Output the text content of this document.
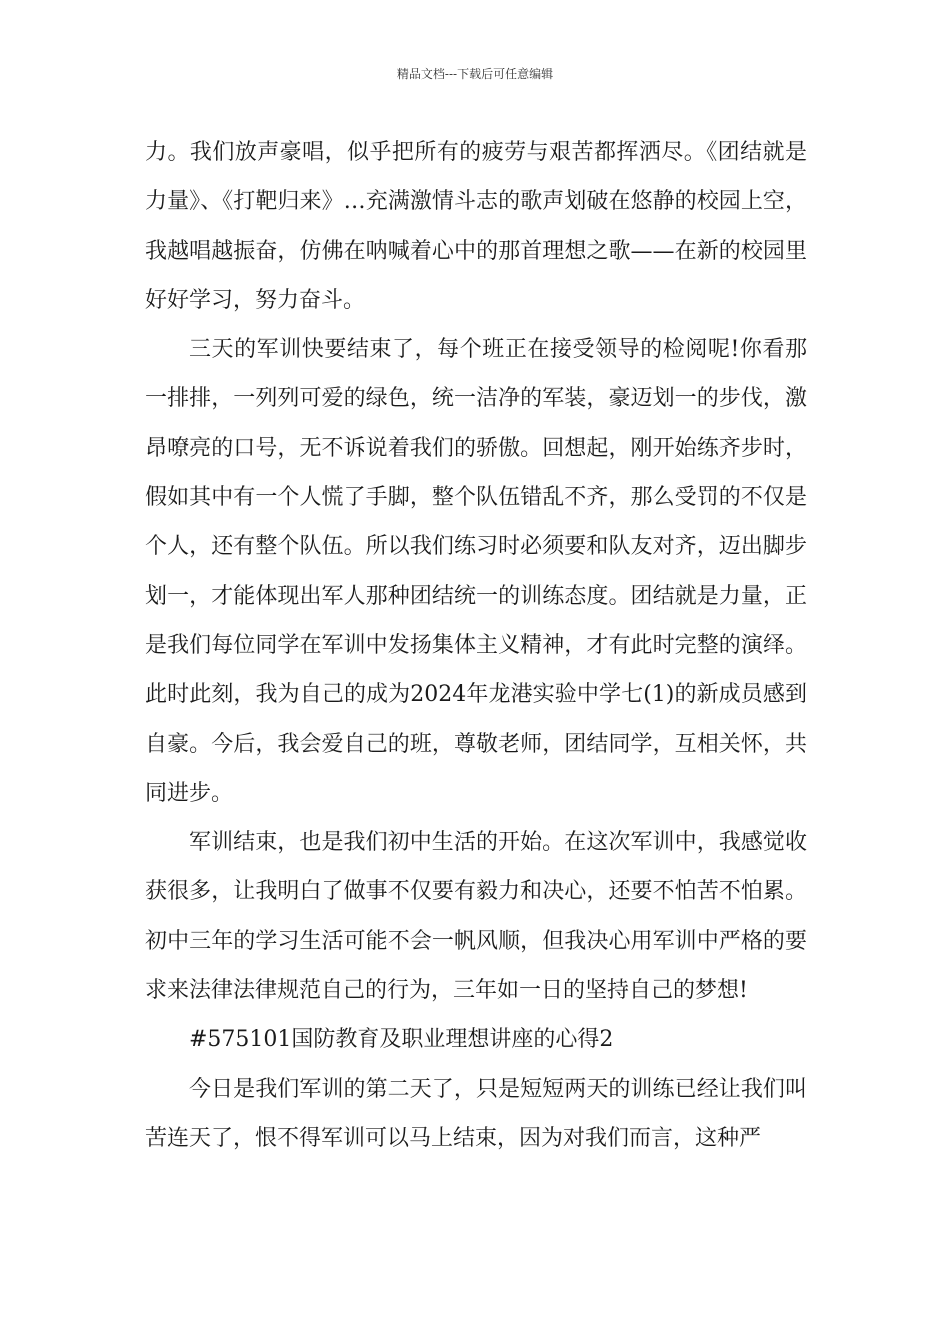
精品文档---下载后可任意编辑

力。我们放声豪唱，似乎把所有的疲劳与艰苦都挥洒尽。《团结就是力量》、《打靶归来》…充满激情斗志的歌声划破在悠静的校园上空，我越唱越振奋，仿佛在呐喊着心中的那首理想之歌——在新的校园里好好学习，努力奋斗。

三天的军训快要结束了，每个班正在接受领导的检阅呢!你看那一排排，一列列可爱的绿色，统一洁净的军装，豪迈划一的步伐，激昂嘹亮的口号，无不诉说着我们的骄傲。回想起，刚开始练齐步时，假如其中有一个人慌了手脚，整个队伍错乱不齐，那么受罚的不仅是个人，还有整个队伍。所以我们练习时必须要和队友对齐，迈出脚步划一，才能体现出军人那种团结统一的训练态度。团结就是力量，正是我们每位同学在军训中发扬集体主义精神，才有此时完整的演绎。此时此刻，我为自己的成为2024年龙港实验中学七(1)的新成员感到自豪。今后，我会爱自己的班，尊敬老师，团结同学，互相关怀，共同进步。

军训结束，也是我们初中生活的开始。在这次军训中，我感觉收获很多，让我明白了做事不仅要有毅力和决心，还要不怕苦不怕累。初中三年的学习生活可能不会一帆风顺，但我决心用军训中严格的要求来法律法律规范自己的行为，三年如一日的坚持自己的梦想!

#575101国防教育及职业理想讲座的心得2

今日是我们军训的第二天了，只是短短两天的训练已经让我们叫苦连天了，恨不得军训可以马上结束，因为对我们而言，这种严
